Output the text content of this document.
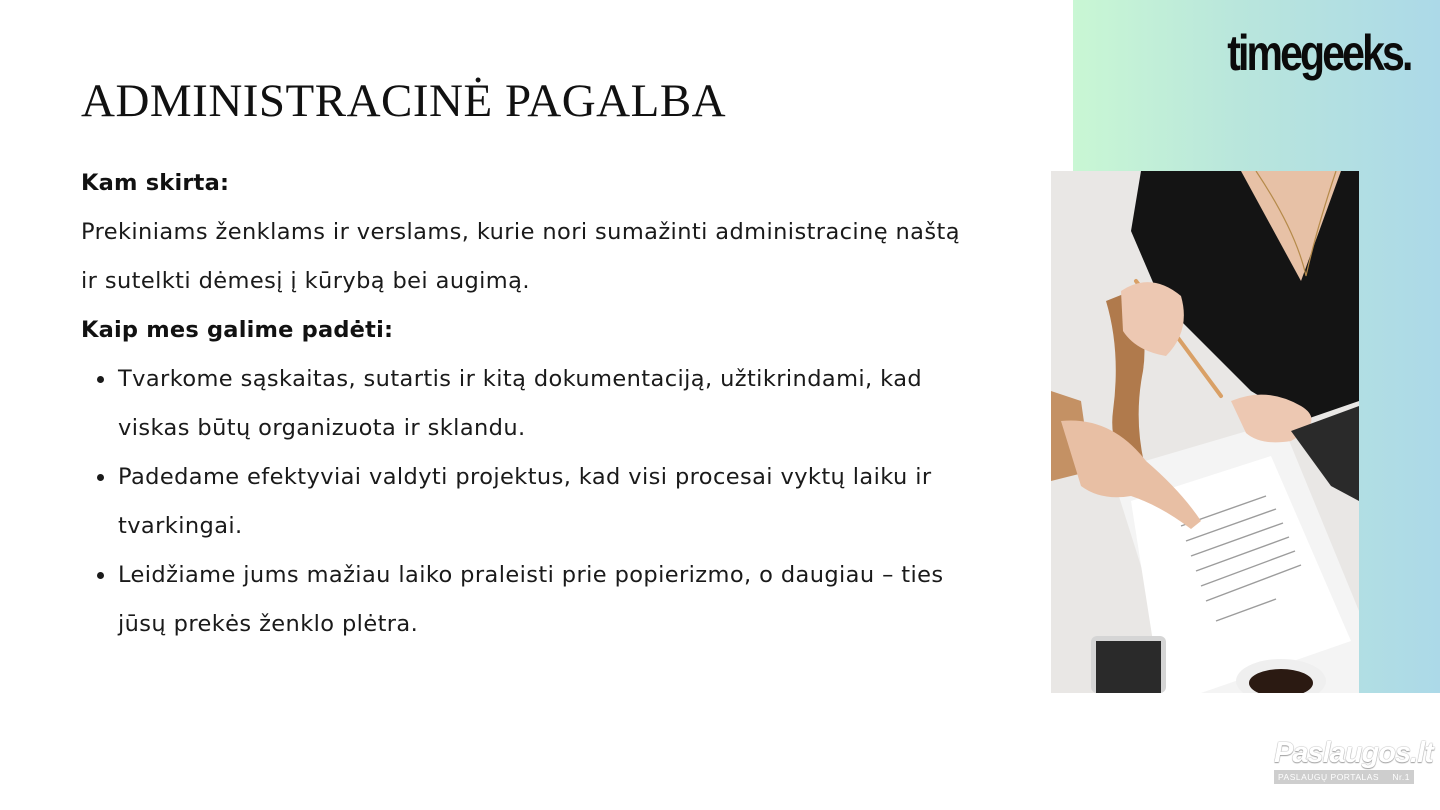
timegeeks.
ADMINISTRACINĖ PAGALBA
Kam skirta:

Prekiniams ženklams ir verslams, kurie nori sumažinti administracinę naštą ir sutelkti dėmesį į kūrybą bei augimą.

Kaip mes galime padėti:
Tvarkome sąskaitas, sutartis ir kitą dokumentaciją, užtikrindami, kad viskas būtų organizuota ir sklandu.
Padedame efektyviai valdyti projektus, kad visi procesai vyktų laiku ir tvarkingai.
Leidžiame jums mažiau laiko praleisti prie popierizmo, o daugiau – ties jūsų prekės ženklo plėtra.
Paslaugos.lt
PASLAUGŲ PORTALAS Nr.1
